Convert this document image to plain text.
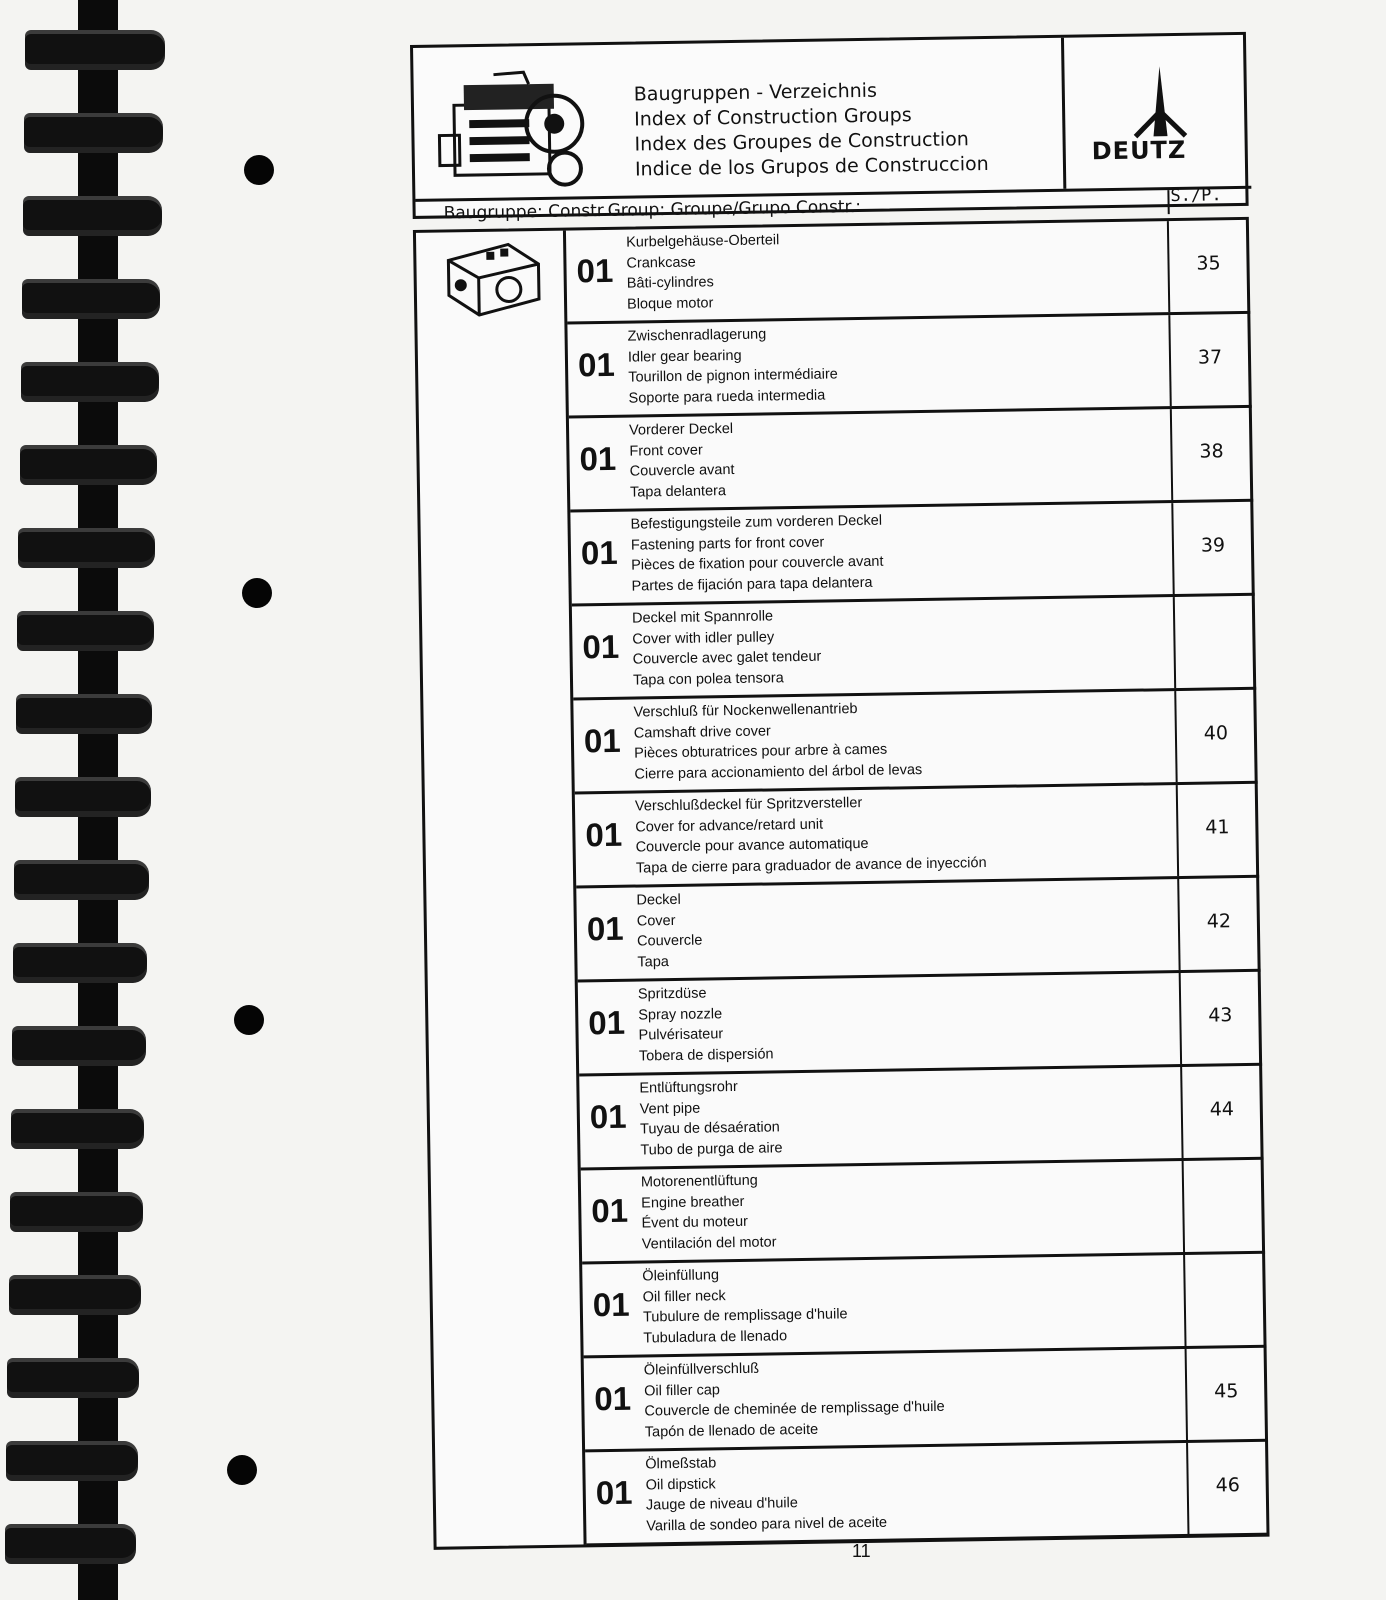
Baugruppen - Verzeichnis
Index of Construction Groups
Index des Groupes de Construction
Indice de los Grupos de Construccion
DEUTZ
Baugruppe: Constr.Group: Groupe/Grupo Constr.:
S./P.
01
Kurbelgehäuse-Oberteil
Crankcase
Bâti-cylindres
Bloque motor
35
01
Zwischenradlagerung
Idler gear bearing
Tourillon de pignon intermédiaire
Soporte para rueda intermedia
37
01
Vorderer Deckel
Front cover
Couvercle avant
Tapa delantera
38
01
Befestigungsteile zum vorderen Deckel
Fastening parts for front cover
Pièces de fixation pour couvercle avant
Partes de fijación para tapa delantera
39
01
Deckel mit Spannrolle
Cover with idler pulley
Couvercle avec galet tendeur
Tapa con polea tensora
01
Verschluß für Nockenwellenantrieb
Camshaft drive cover
Pièces obturatrices pour arbre à cames
Cierre para accionamiento del árbol de levas
40
01
Verschlußdeckel für Spritzversteller
Cover for advance/retard unit
Couvercle pour avance automatique
Tapa de cierre para graduador de avance de inyección
41
01
Deckel
Cover
Couvercle
Tapa
42
01
Spritzdüse
Spray nozzle
Pulvérisateur
Tobera de dispersión
43
01
Entlüftungsrohr
Vent pipe
Tuyau de désaération
Tubo de purga de aire
44
01
Motorenentlüftung
Engine breather
Évent du moteur
Ventilación del motor
01
Öleinfüllung
Oil filler neck
Tubulure de remplissage d'huile
Tubuladura de llenado
01
Öleinfüllverschluß
Oil filler cap
Couvercle de cheminée de remplissage d'huile
Tapón de llenado de aceite
45
01
Ölmeßstab
Oil dipstick
Jauge de niveau d'huile
Varilla de sondeo para nivel de aceite
46
11
